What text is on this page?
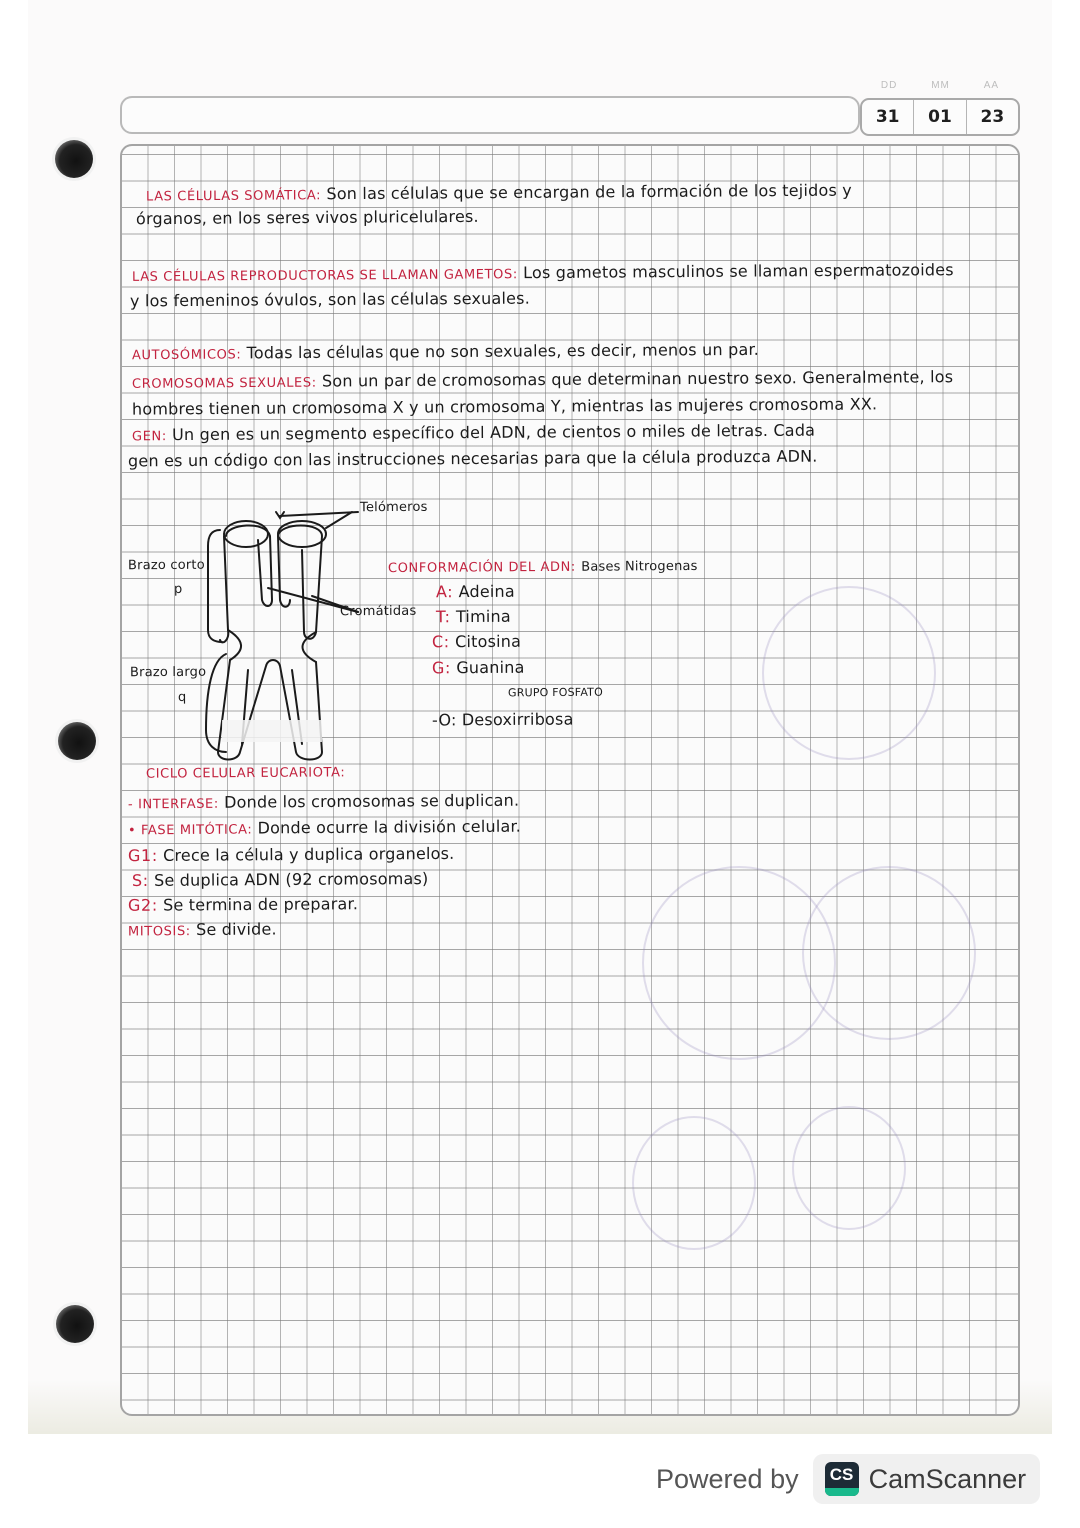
DD	MM	AA
31	01	23
LAS CÉLULAS SOMÁTICA: Son las células que se encargan de la formación de los tejidos y
órganos, en los seres vivos pluricelulares.
LAS CÉLULAS REPRODUCTORAS SE LLAMAN GAMETOS: Los gametos masculinos se llaman espermatozoides
y los femeninos óvulos, son las células sexuales.
AUTOSÓMICOS: Todas las células que no son sexuales, es decir, menos un par.
CROMOSOMAS SEXUALES: Son un par de cromosomas que determinan nuestro sexo. Generalmente, los
hombres tienen un cromosoma X y un cromosoma Y, mientras las mujeres cromosoma XX.
GEN: Un gen es un segmento específico del ADN, de cientos o miles de letras. Cada
gen es un código con las instrucciones necesarias para que la célula produzca ADN.
Telómeros
Brazo corto
p
Cromátidas
Brazo largo
q
CONFORMACIÓN DEL ADN: Bases Nitrogenas
A: Adeina
T: Timina
C: Citosina
G: Guanina
GRUPO FOSFATO
-O: Desoxirribosa
CICLO CELULAR EUCARIOTA:
- INTERFASE: Donde los cromosomas se duplican.
• FASE MITÓTICA: Donde ocurre la división celular.
G1: Crece la célula y duplica organelos.
S: Se duplica ADN (92 cromosomas)
G2: Se termina de preparar.
MITOSIS: Se divide.
Powered by CS CamScanner
